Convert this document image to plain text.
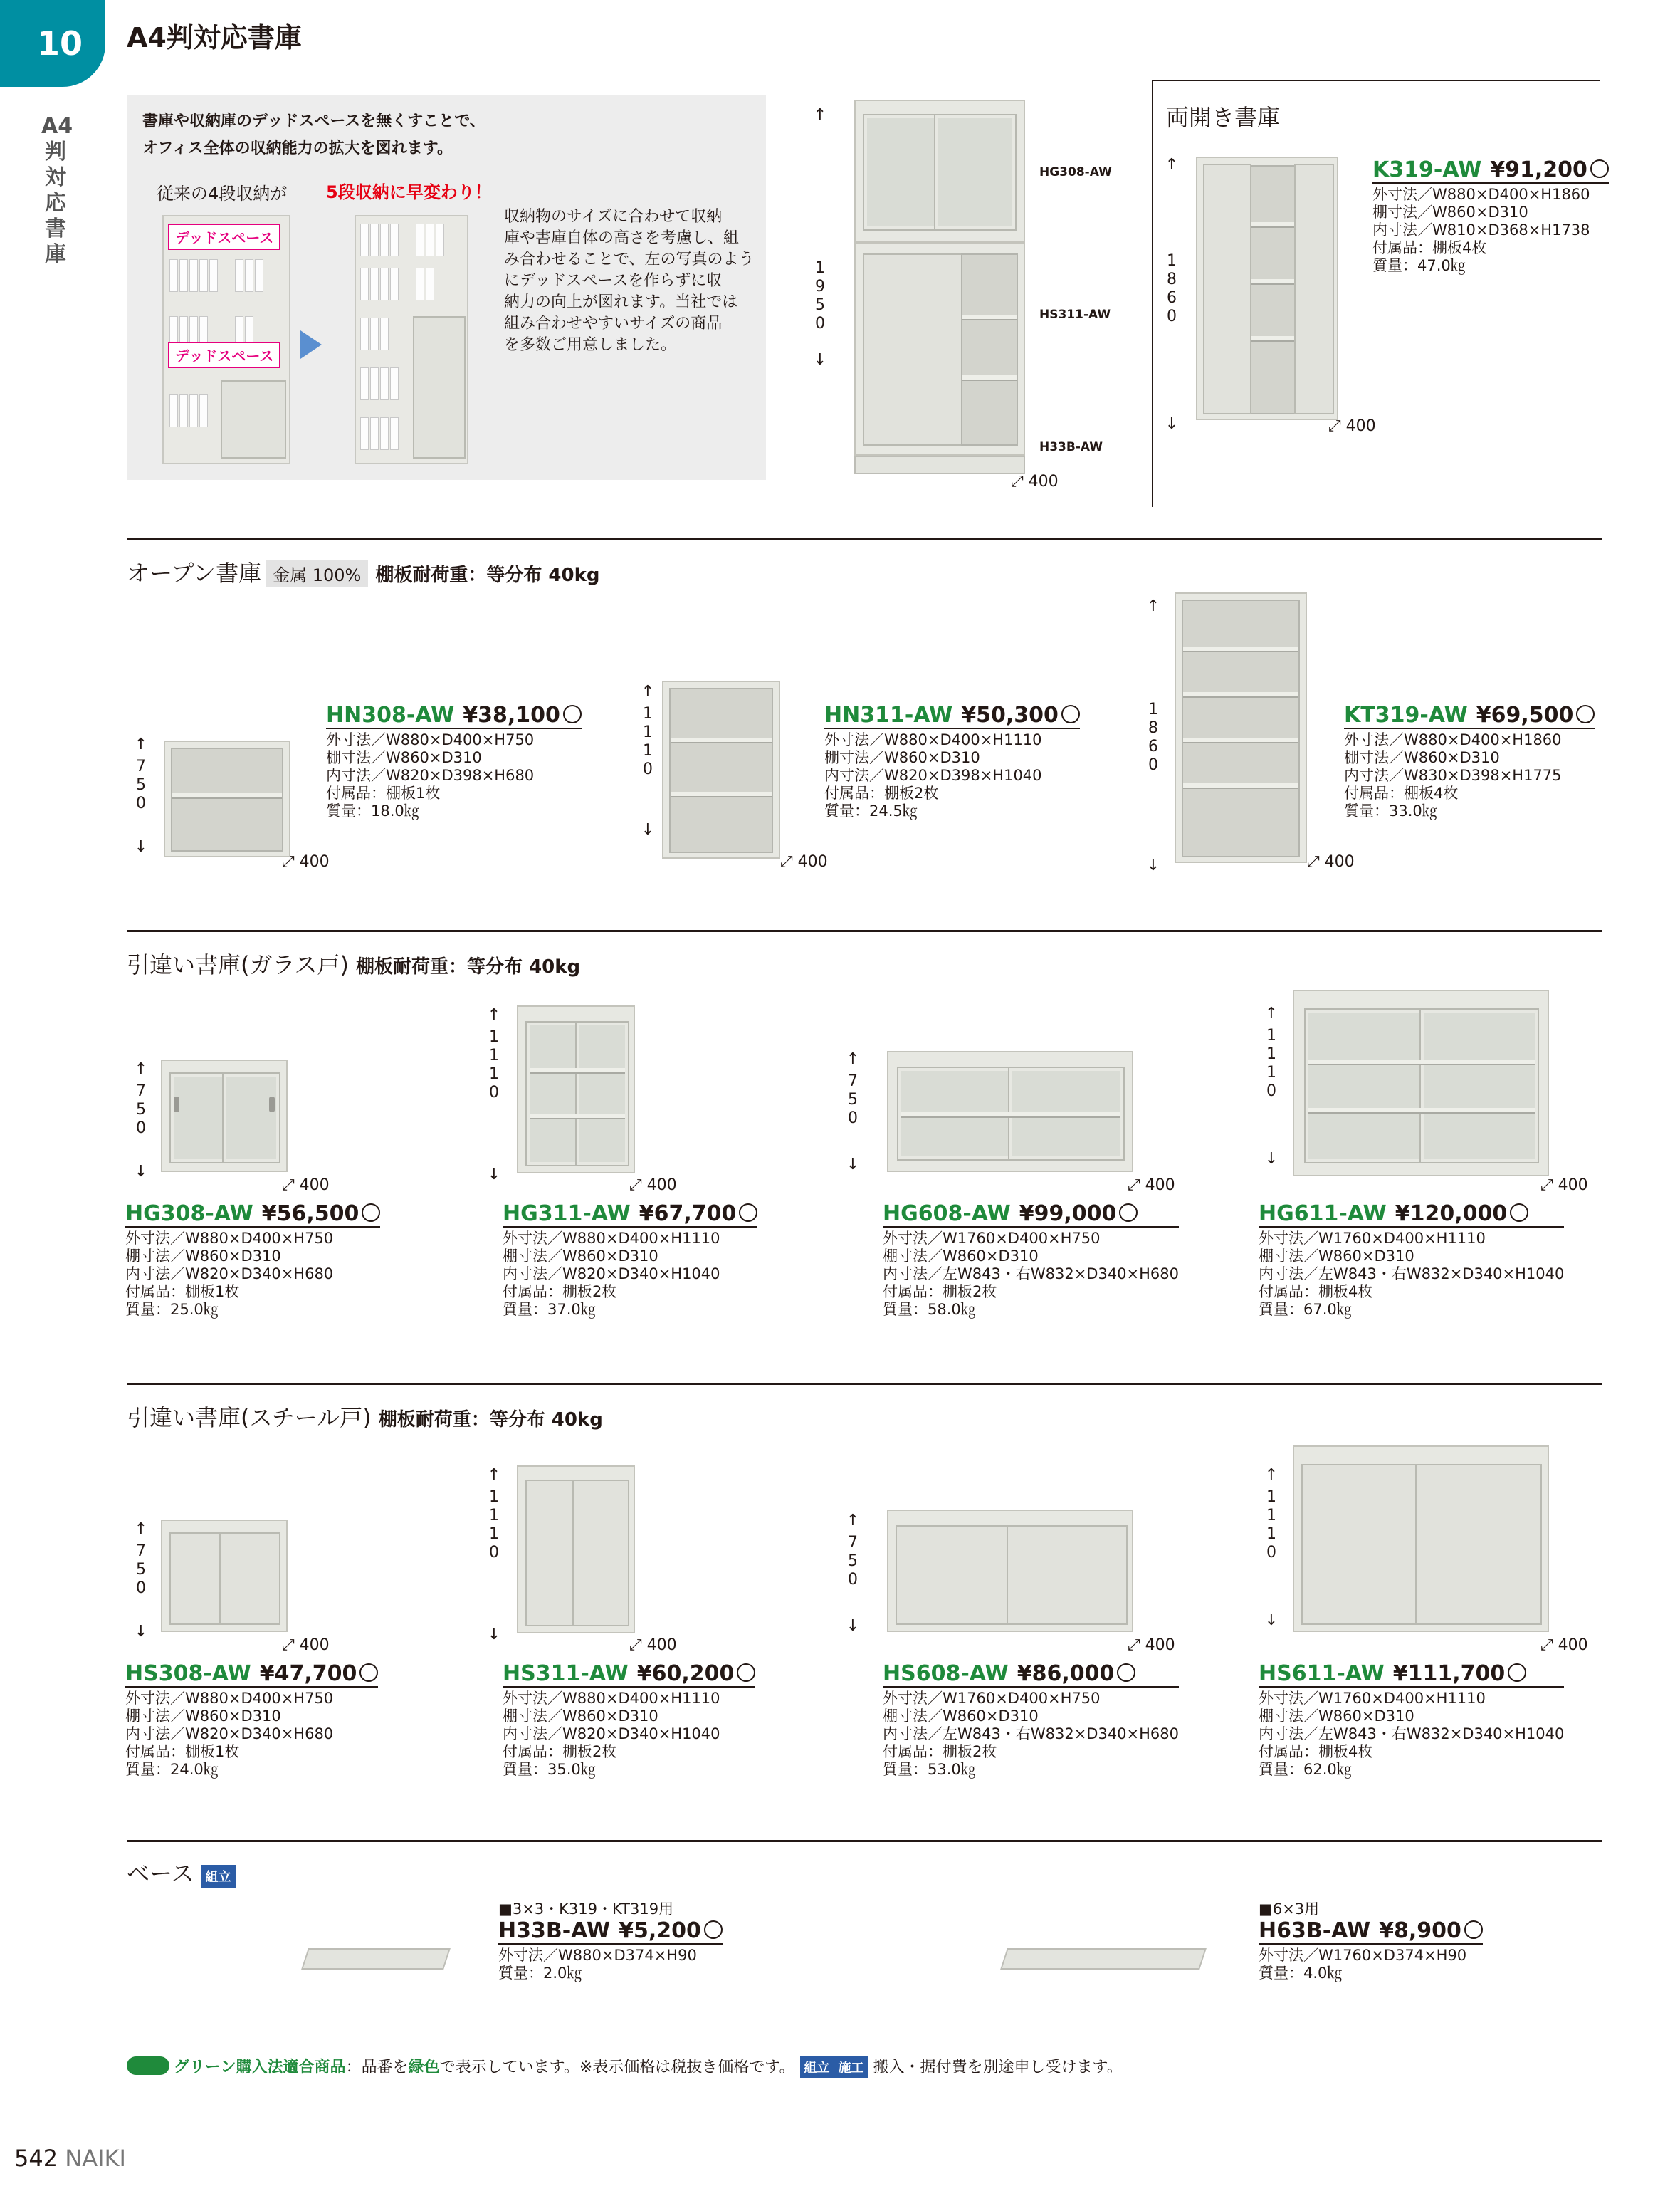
10	A4判対応書庫
A4判対応書庫
書庫や収納庫のデッドスペースを無くすことで、
オフィス全体の収納能力の拡大を図れます。
従来の4段収納が 5段収納に早変わり！
デッドスペース
デッドスペース
収納物のサイズに合わせて収納
庫や書庫自体の高さを考慮し、組
み合わせることで、左の写真のよう
にデッドスペースを作らずに収
納力の向上が図れます。当社では
組み合わせやすいサイズの商品
を多数ご用意しました。
↑
1950
↓
HG308-AW
HS311-AW
H33B-AW
⤢ 400
両開き書庫
↑
1860
↓	⤢ 400
K319-AW ¥91,200
外寸法／W880×D400×H1860
棚寸法／W860×D310
内寸法／W810×D368×H1738
付属品：棚板4枚
質量：47.0㎏
オープン書庫 金属 100% 棚板耐荷重：等分布 40kg
↑
750
↓
⤢ 400
HN308-AW ¥38,100
外寸法／W880×D400×H750
棚寸法／W860×D310
内寸法／W820×D398×H680
付属品：棚板1枚
質量：18.0㎏
↑
1110
↓
⤢ 400
HN311-AW ¥50,300
外寸法／W880×D400×H1110
棚寸法／W860×D310
内寸法／W820×D398×H1040
付属品：棚板2枚
質量：24.5㎏
↑
1860
↓	⤢ 400
KT319-AW ¥69,500
外寸法／W880×D400×H1860
棚寸法／W860×D310
内寸法／W830×D398×H1775
付属品：棚板4枚
質量：33.0㎏
引違い書庫(ガラス戸) 棚板耐荷重：等分布 40kg
↑
750
↓
⤢ 400
HG308-AW ¥56,500
外寸法／W880×D400×H750
棚寸法／W860×D310
内寸法／W820×D340×H680
付属品：棚板1枚
質量：25.0㎏
↑
1110
↓
⤢ 400
HG311-AW ¥67,700
外寸法／W880×D400×H1110
棚寸法／W860×D310
内寸法／W820×D340×H1040
付属品：棚板2枚
質量：37.0㎏
↑
750
↓
⤢ 400
HG608-AW ¥99,000
外寸法／W1760×D400×H750
棚寸法／W860×D310
内寸法／左W843・右W832×D340×H680
付属品：棚板2枚
質量：58.0㎏
↑
1110
↓
⤢ 400
HG611-AW ¥120,000
外寸法／W1760×D400×H1110
棚寸法／W860×D310
内寸法／左W843・右W832×D340×H1040
付属品：棚板4枚
質量：67.0㎏
引違い書庫(スチール戸) 棚板耐荷重：等分布 40kg
↑
750
↓
⤢ 400
HS308-AW ¥47,700
外寸法／W880×D400×H750
棚寸法／W860×D310
内寸法／W820×D340×H680
付属品：棚板1枚
質量：24.0㎏
↑
1110
↓
⤢ 400
HS311-AW ¥60,200
外寸法／W880×D400×H1110
棚寸法／W860×D310
内寸法／W820×D340×H1040
付属品：棚板2枚
質量：35.0㎏
↑
750
↓
⤢ 400
HS608-AW ¥86,000
外寸法／W1760×D400×H750
棚寸法／W860×D310
内寸法／左W843・右W832×D340×H680
付属品：棚板2枚
質量：53.0㎏
↑
1110
↓
⤢ 400
HS611-AW ¥111,700
外寸法／W1760×D400×H1110
棚寸法／W860×D310
内寸法／左W843・右W832×D340×H1040
付属品：棚板4枚
質量：62.0㎏
ベース 組立
■3×3・K319・KT319用
H33B-AW ¥5,200
外寸法／W880×D374×H90
質量：2.0㎏
■6×3用
H63B-AW ¥8,900
外寸法／W1760×D374×H90
質量：4.0㎏
グリーン購入法適合商品：品番を緑色で表示しています。※表示価格は税抜き価格です。 組立 施工 搬入・据付費を別途申し受けます。
542 NAIKI
